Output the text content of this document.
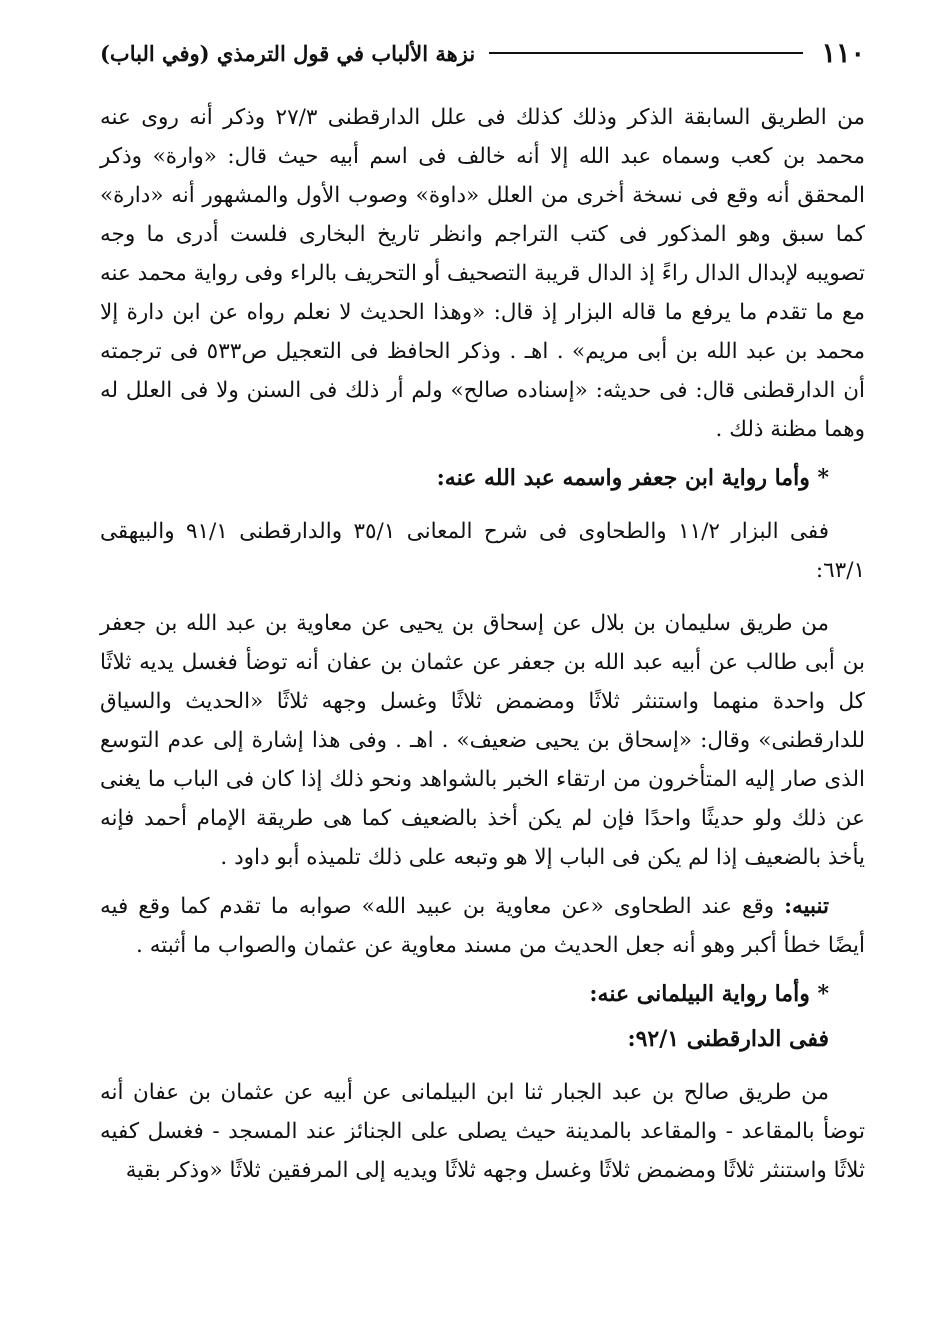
١١٠
نزهة الألباب في قول الترمذي (وفي الباب)

من الطريق السابقة الذكر وذلك كذلك فى علل الدارقطنى ٢٧/٣ وذكر أنه روى عنه محمد بن كعب وسماه عبد الله إلا أنه خالف فى اسم أبيه حيث قال: «وارة» وذكر المحقق أنه وقع فى نسخة أخرى من العلل «داوة» وصوب الأول والمشهور أنه «دارة» كما سبق وهو المذكور فى كتب التراجم وانظر تاريخ البخارى فلست أدرى ما وجه تصويبه لإبدال الدال راءً إذ الدال قريبة التصحيف أو التحريف بالراء وفى رواية محمد عنه مع ما تقدم ما يرفع ما قاله البزار إذ قال: «وهذا الحديث لا نعلم رواه عن ابن دارة إلا محمد بن عبد الله بن أبى مريم» . اهـ . وذكر الحافظ فى التعجيل ص٥٣٣ فى ترجمته أن الدارقطنى قال: فى حديثه: «إسناده صالح» ولم أر ذلك فى السنن ولا فى العلل له وهما مظنة ذلك .

* وأما رواية ابن جعفر واسمه عبد الله عنه:

ففى البزار ١١/٢ والطحاوى فى شرح المعانى ٣٥/١ والدارقطنى ٩١/١ والبيهقى ٦٣/١:

من طريق سليمان بن بلال عن إسحاق بن يحيى عن معاوية بن عبد الله بن جعفر بن أبى طالب عن أبيه عبد الله بن جعفر عن عثمان بن عفان أنه توضأ فغسل يديه ثلاثًا كل واحدة منهما واستنثر ثلاثًا ومضمض ثلاثًا وغسل وجهه ثلاثًا «الحديث والسياق للدارقطنى» وقال: «إسحاق بن يحيى ضعيف» . اهـ . وفى هذا إشارة إلى عدم التوسع الذى صار إليه المتأخرون من ارتقاء الخبر بالشواهد ونحو ذلك إذا كان فى الباب ما يغنى عن ذلك ولو حديثًا واحدًا فإن لم يكن أخذ بالضعيف كما هى طريقة الإمام أحمد فإنه يأخذ بالضعيف إذا لم يكن فى الباب إلا هو وتبعه على ذلك تلميذه أبو داود .

تنبيه: وقع عند الطحاوى «عن معاوية بن عبيد الله» صوابه ما تقدم كما وقع فيه أيضًا خطأ أكبر وهو أنه جعل الحديث من مسند معاوية عن عثمان والصواب ما أثبته .

* وأما رواية البيلمانى عنه:

ففى الدارقطنى ٩٢/١:

من طريق صالح بن عبد الجبار ثنا ابن البيلمانى عن أبيه عن عثمان بن عفان أنه توضأ بالمقاعد - والمقاعد بالمدينة حيث يصلى على الجنائز عند المسجد - فغسل كفيه ثلاثًا واستنثر ثلاثًا ومضمض ثلاثًا وغسل وجهه ثلاثًا ويديه إلى المرفقين ثلاثًا «وذكر بقية
